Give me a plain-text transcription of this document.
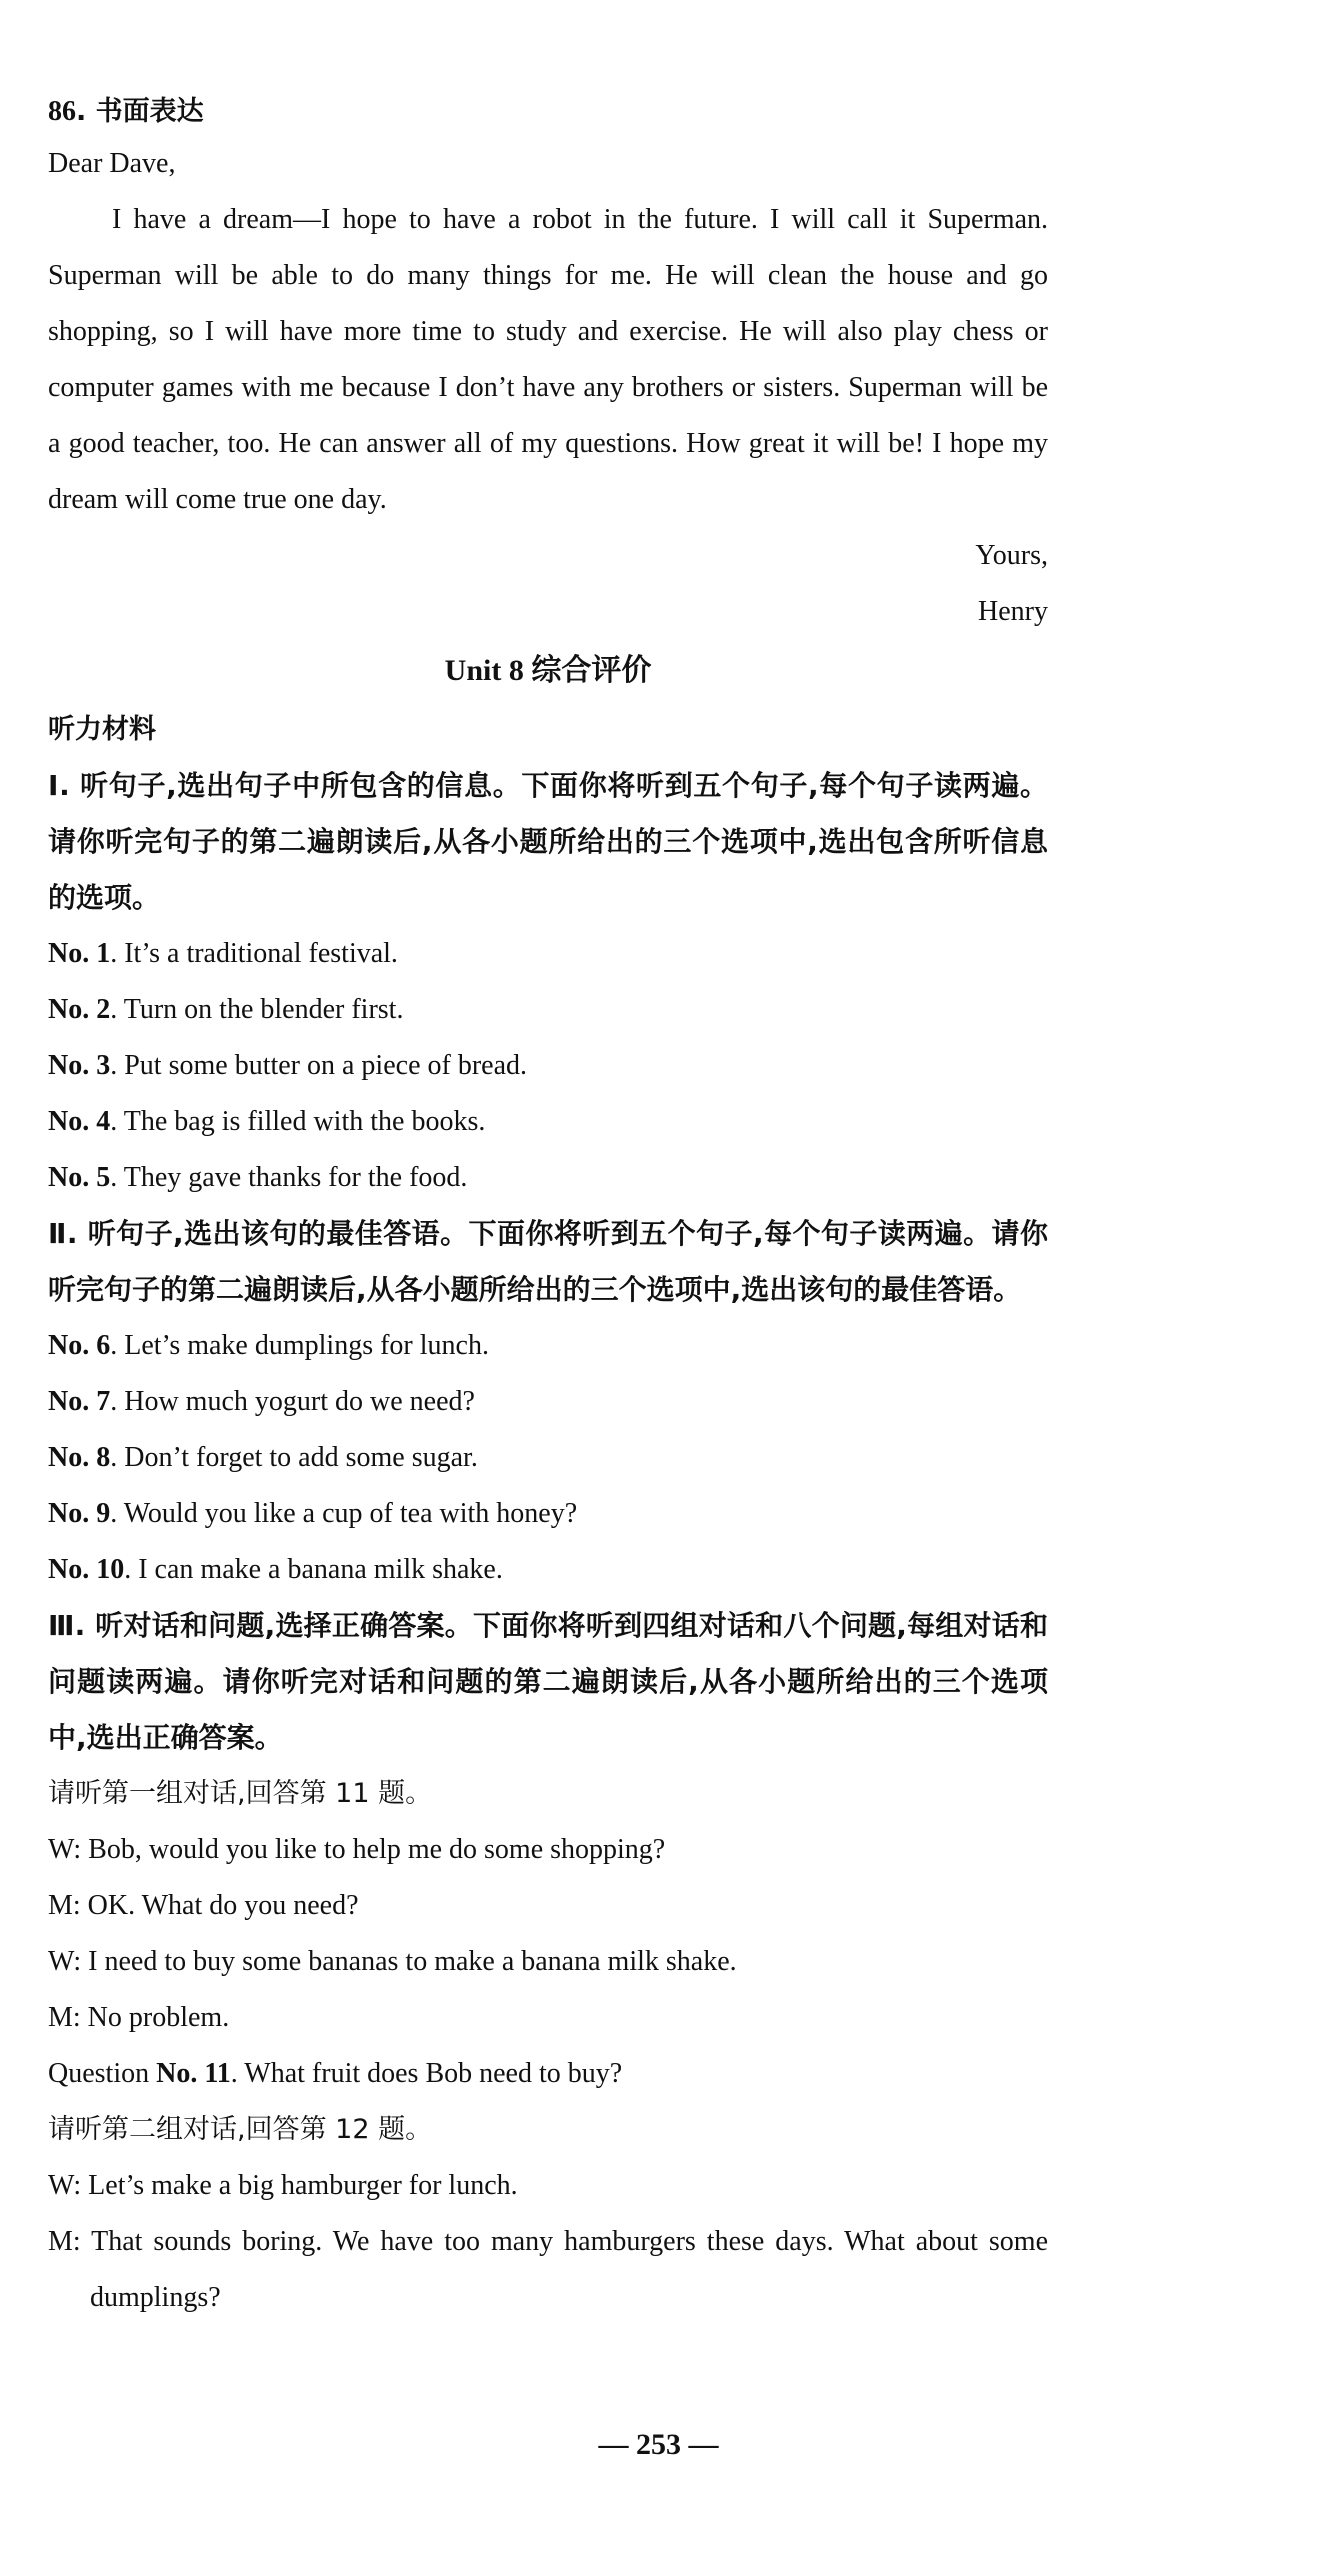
86. 书面表达
Dear Dave,

I have a dream—I hope to have a robot in the future. I will call it Superman. Superman will be able to do many things for me. He will clean the house and go shopping, so I will have more time to study and exercise. He will also play chess or computer games with me because I don’t have any brothers or sisters. Superman will be a good teacher, too. He can answer all of my questions. How great it will be! I hope my dream will come true one day.

Yours,
Henry
Unit 8 综合评价
听力材料

Ⅰ. 听句子,选出句子中所包含的信息。下面你将听到五个句子,每个句子读两遍。请你听完句子的第二遍朗读后,从各小题所给出的三个选项中,选出包含所听信息的选项。

No. 1. It’s a traditional festival.
No. 2. Turn on the blender first.
No. 3. Put some butter on a piece of bread.
No. 4. The bag is filled with the books.
No. 5. They gave thanks for the food.

Ⅱ. 听句子,选出该句的最佳答语。下面你将听到五个句子,每个句子读两遍。请你听完句子的第二遍朗读后,从各小题所给出的三个选项中,选出该句的最佳答语。

No. 6. Let’s make dumplings for lunch.
No. 7. How much yogurt do we need?
No. 8. Don’t forget to add some sugar.
No. 9. Would you like a cup of tea with honey?
No. 10. I can make a banana milk shake.

Ⅲ. 听对话和问题,选择正确答案。下面你将听到四组对话和八个问题,每组对话和问题读两遍。请你听完对话和问题的第二遍朗读后,从各小题所给出的三个选项中,选出正确答案。

请听第一组对话,回答第 11 题。
W: Bob, would you like to help me do some shopping?
M: OK. What do you need?
W: I need to buy some bananas to make a banana milk shake.
M: No problem.
Question No. 11. What fruit does Bob need to buy?
请听第二组对话,回答第 12 题。
W: Let’s make a big hamburger for lunch.

M: That sounds boring. We have too many hamburgers these days. What about some dumplings?

— 253 —
